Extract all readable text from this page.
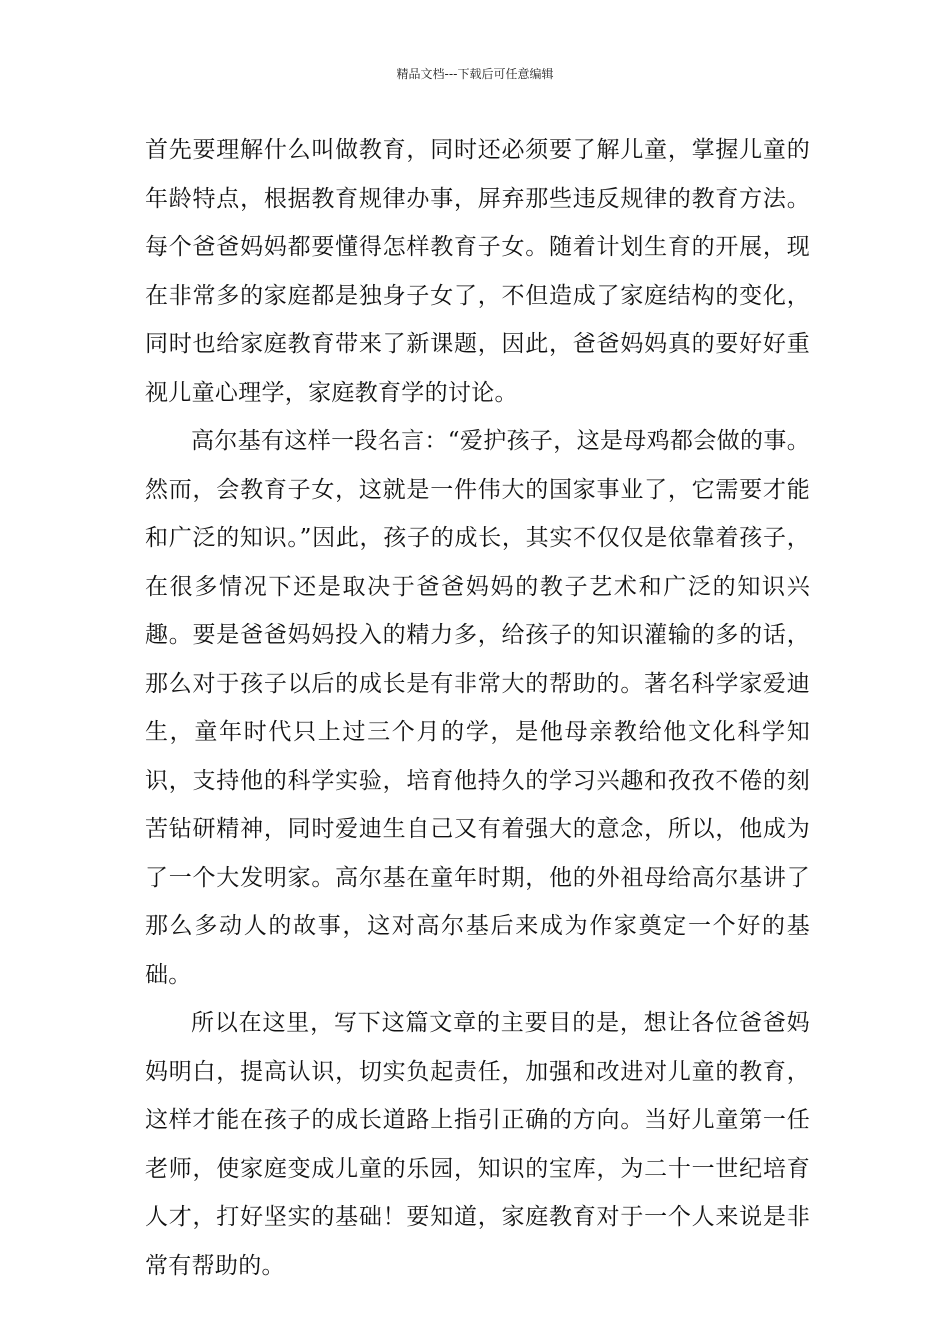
精品文档---下载后可任意编辑

首先要理解什么叫做教育，同时还必须要了解儿童，掌握儿童的年龄特点，根据教育规律办事，屏弃那些违反规律的教育方法。每个爸爸妈妈都要懂得怎样教育子女。随着计划生育的开展，现在非常多的家庭都是独身子女了，不但造成了家庭结构的变化，同时也给家庭教育带来了新课题，因此，爸爸妈妈真的要好好重视儿童心理学，家庭教育学的讨论。

高尔基有这样一段名言：“爱护孩子，这是母鸡都会做的事。然而，会教育子女，这就是一件伟大的国家事业了，它需要才能和广泛的知识。”因此，孩子的成长，其实不仅仅是依靠着孩子，在很多情况下还是取决于爸爸妈妈的教子艺术和广泛的知识兴趣。要是爸爸妈妈投入的精力多，给孩子的知识灌输的多的话，那么对于孩子以后的成长是有非常大的帮助的。著名科学家爱迪生，童年时代只上过三个月的学，是他母亲教给他文化科学知识，支持他的科学实验，培育他持久的学习兴趣和孜孜不倦的刻苦钻研精神，同时爱迪生自己又有着强大的意念，所以，他成为了一个大发明家。高尔基在童年时期，他的外祖母给高尔基讲了那么多动人的故事，这对高尔基后来成为作家奠定一个好的基础。

所以在这里，写下这篇文章的主要目的是，想让各位爸爸妈妈明白，提高认识，切实负起责任，加强和改进对儿童的教育，这样才能在孩子的成长道路上指引正确的方向。当好儿童第一任老师，使家庭变成儿童的乐园，知识的宝库，为二十一世纪培育人才，打好坚实的基础！要知道，家庭教育对于一个人来说是非常有帮助的。
